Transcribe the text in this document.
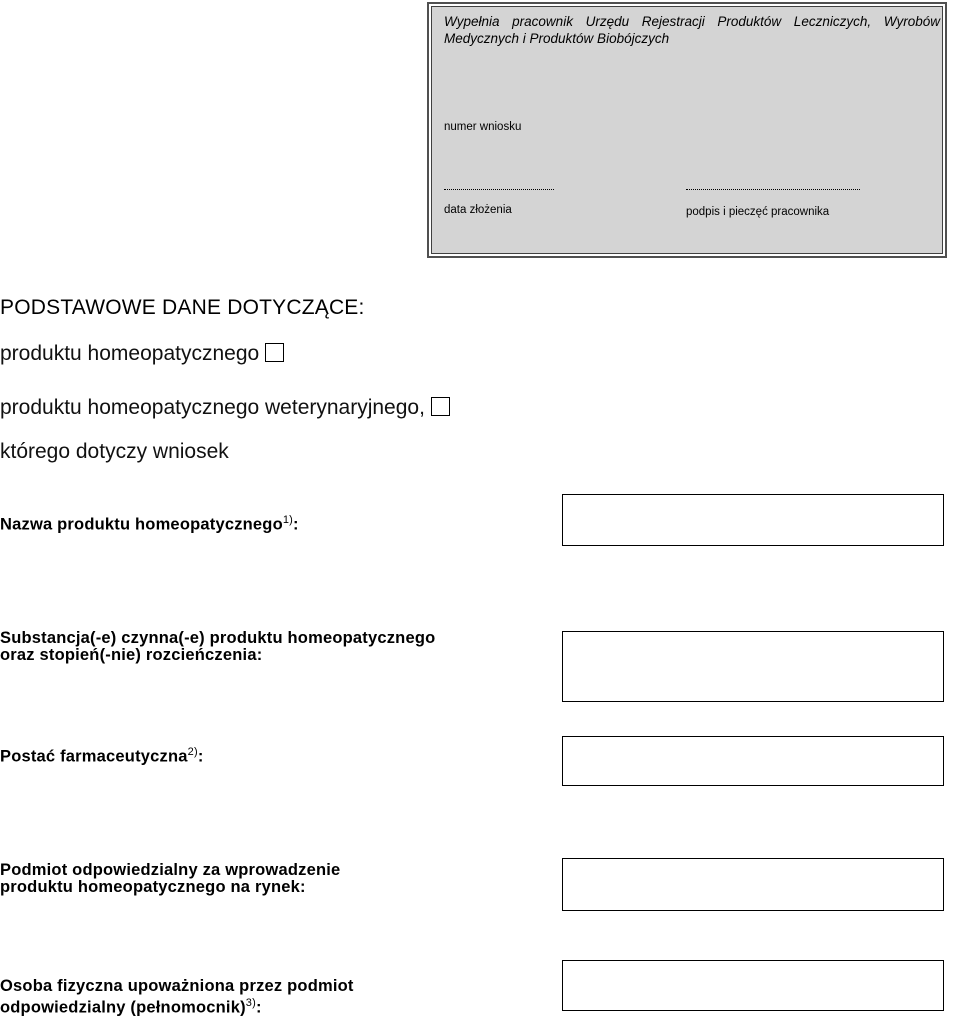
Wypełnia pracownik Urzędu Rejestracji Produktów Leczniczych, Wyrobów Medycznych i Produktów Biobójczych
numer wniosku
data złożenia	podpis i pieczęć pracownika
PODSTAWOWE DANE DOTYCZĄCE:
produktu homeopatycznego
produktu homeopatycznego weterynaryjnego,
którego dotyczy wniosek
Nazwa produktu homeopatycznego$^{1)}$:
Substancja(-e) czynna(-e) produktu homeopatycznego
oraz stopień(-nie) rozcieńczenia:
Postać farmaceutyczna$^{2)}$:
Podmiot odpowiedzialny za wprowadzenie
produktu homeopatycznego na rynek:
Osoba fizyczna upoważniona przez podmiot
odpowiedzialny (pełnomocnik)$^{3)}$:
